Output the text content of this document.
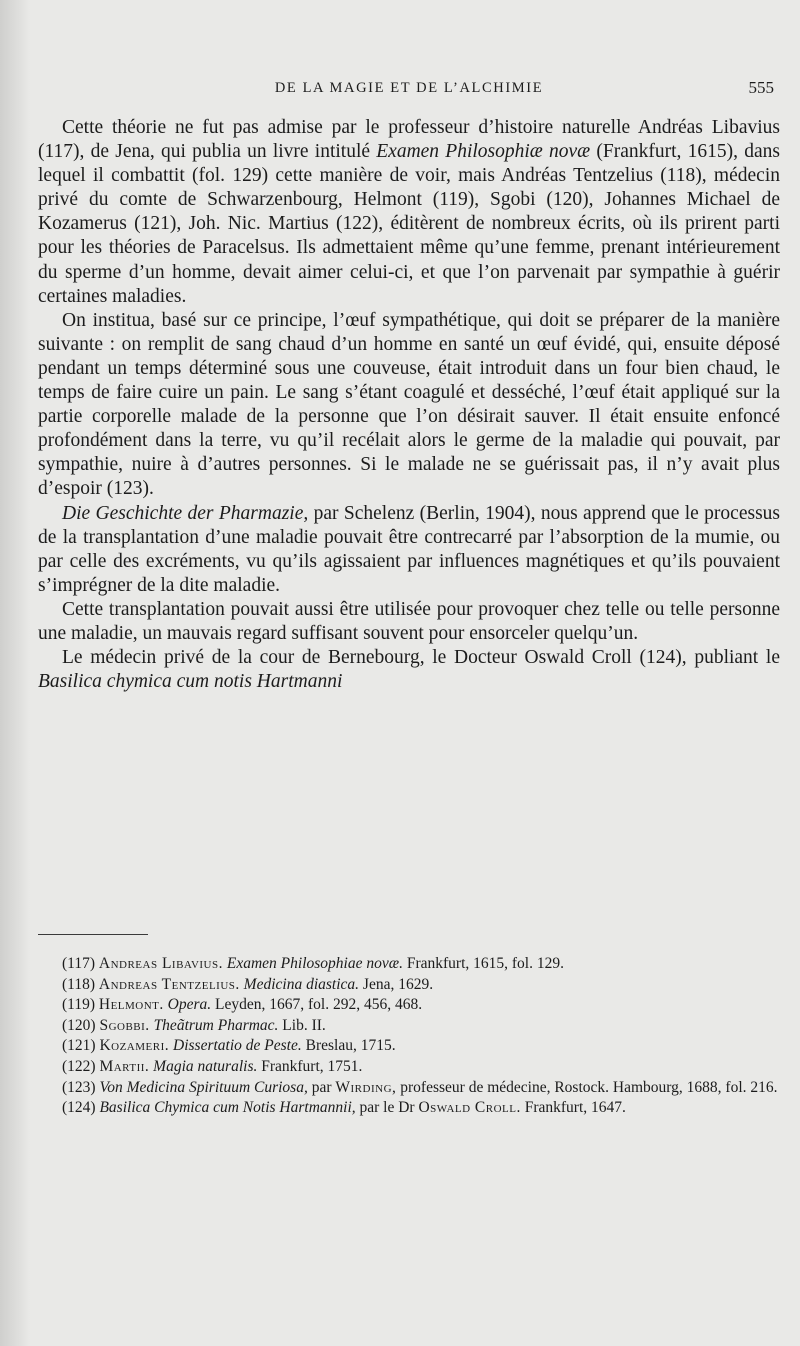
DE LA MAGIE ET DE L’ALCHIMIE	555

Cette théorie ne fut pas admise par le professeur d’histoire naturelle Andréas Libavius (117), de Jena, qui publia un livre intitulé Examen Philosophiæ novæ (Frankfurt, 1615), dans lequel il combattit (fol. 129) cette manière de voir, mais Andréas Tentzelius (118), médecin privé du comte de Schwarzenbourg, Helmont (119), Sgobi (120), Johannes Michael de Kozamerus (121), Joh. Nic. Martius (122), éditèrent de nombreux écrits, où ils prirent parti pour les théories de Paracelsus. Ils admettaient même qu’une femme, prenant intérieurement du sperme d’un homme, devait aimer celui-ci, et que l’on parvenait par sympathie à guérir certaines maladies.

On institua, basé sur ce principe, l’œuf sympathétique, qui doit se préparer de la manière suivante : on remplit de sang chaud d’un homme en santé un œuf évidé, qui, ensuite déposé pendant un temps déterminé sous une couveuse, était introduit dans un four bien chaud, le temps de faire cuire un pain. Le sang s’étant coagulé et desséché, l’œuf était appliqué sur la partie corporelle malade de la personne que l’on désirait sauver. Il était ensuite enfoncé profondément dans la terre, vu qu’il recélait alors le germe de la maladie qui pouvait, par sympathie, nuire à d’autres personnes. Si le malade ne se guérissait pas, il n’y avait plus d’espoir (123).

Die Geschichte der Pharmazie, par Schelenz (Berlin, 1904), nous apprend que le processus de la transplantation d’une maladie pouvait être contrecarré par l’absorption de la mumie, ou par celle des excréments, vu qu’ils agissaient par influences magnétiques et qu’ils pouvaient s’imprégner de la dite maladie.

Cette transplantation pouvait aussi être utilisée pour provoquer chez telle ou telle personne une maladie, un mauvais regard suffisant souvent pour ensorceler quelqu’un.

Le médecin privé de la cour de Bernebourg, le Docteur Oswald Croll (124), publiant le Basilica chymica cum notis Hartmanni

(117) Andreas Libavius. Examen Philosophiae novæ. Frankfurt, 1615, fol. 129.

(118) Andreas Tentzelius. Medicina diastica. Jena, 1629.

(119) Helmont. Opera. Leyden, 1667, fol. 292, 456, 468.

(120) Sgobbi. Theãtrum Pharmac. Lib. II.

(121) Kozameri. Dissertatio de Peste. Breslau, 1715.

(122) Martii. Magia naturalis. Frankfurt, 1751.

(123) Von Medicina Spirituum Curiosa, par Wirding, professeur de médecine, Rostock. Hambourg, 1688, fol. 216.

(124) Basilica Chymica cum Notis Hartmannii, par le Dr Oswald Croll. Frankfurt, 1647.
